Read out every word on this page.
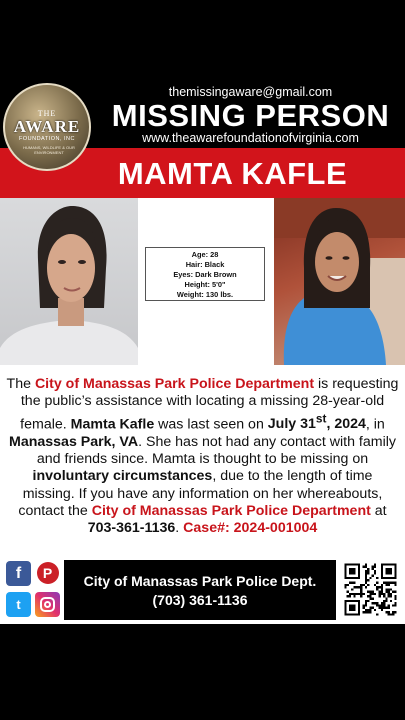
themissingaware@gmail.com
MISSING PERSON
www.theawarefoundationofvirginia.com
MAMTA KAFLE
THE
AWARE
FOUNDATION, INC
HUMANS, WILDLIFE & OUR ENVIRONMENT
Age: 28
Hair: Black
Eyes: Dark Brown
Height: 5'0"
Weight: 130 lbs.
The City of Manassas Park Police Department is requesting the public’s assistance with locating a missing 28-year-old female. Mamta Kafle was last seen on July 31st, 2024, in Manassas Park, VA. She has not had any contact with family and friends since. Mamta is thought to be missing on involuntary circumstances, due to the length of time missing. If you have any information on her whereabouts, contact the City of Manassas Park Police Department at 703-361-1136. Case#: 2024-001004
f	P
t
City of Manassas Park Police Dept.
(703) 361-1136
